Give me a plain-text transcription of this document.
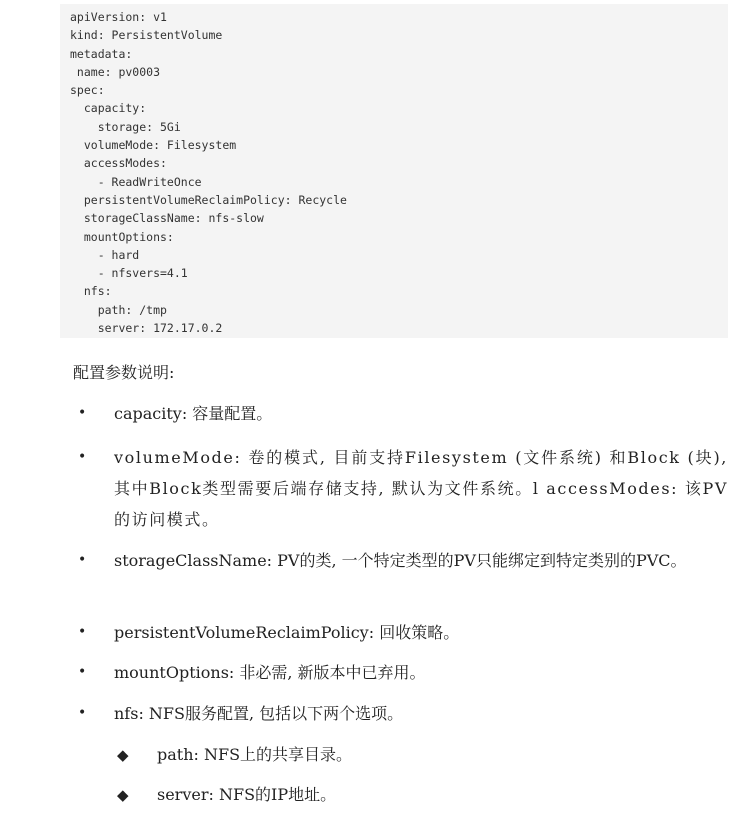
apiVersion: v1
kind: PersistentVolume
metadata:
name: pv0003
spec:
capacity:
storage: 5Gi
volumeMode: Filesystem
accessModes:
- ReadWriteOnce
persistentVolumeReclaimPolicy: Recycle
storageClassName: nfs-slow
mountOptions:
- hard
- nfsvers=4.1
nfs:
path: /tmp
server: 172.17.0.2
配置参数说明:
• capacity: 容量配置。
• volumeMode: 卷的模式, 目前支持Filesystem (文件系统) 和Block (块), 其中Block类型需要后端存储支持, 默认为文件系统。l accessModes: 该PV的访问模式。
• storageClassName: PV的类, 一个特定类型的PV只能绑定到特定类别的PVC。
• persistentVolumeReclaimPolicy: 回收策略。
• mountOptions: 非必需, 新版本中已弃用。
• nfs: NFS服务配置, 包括以下两个选项。
◆ path: NFS上的共享目录。
◆ server: NFS的IP地址。
